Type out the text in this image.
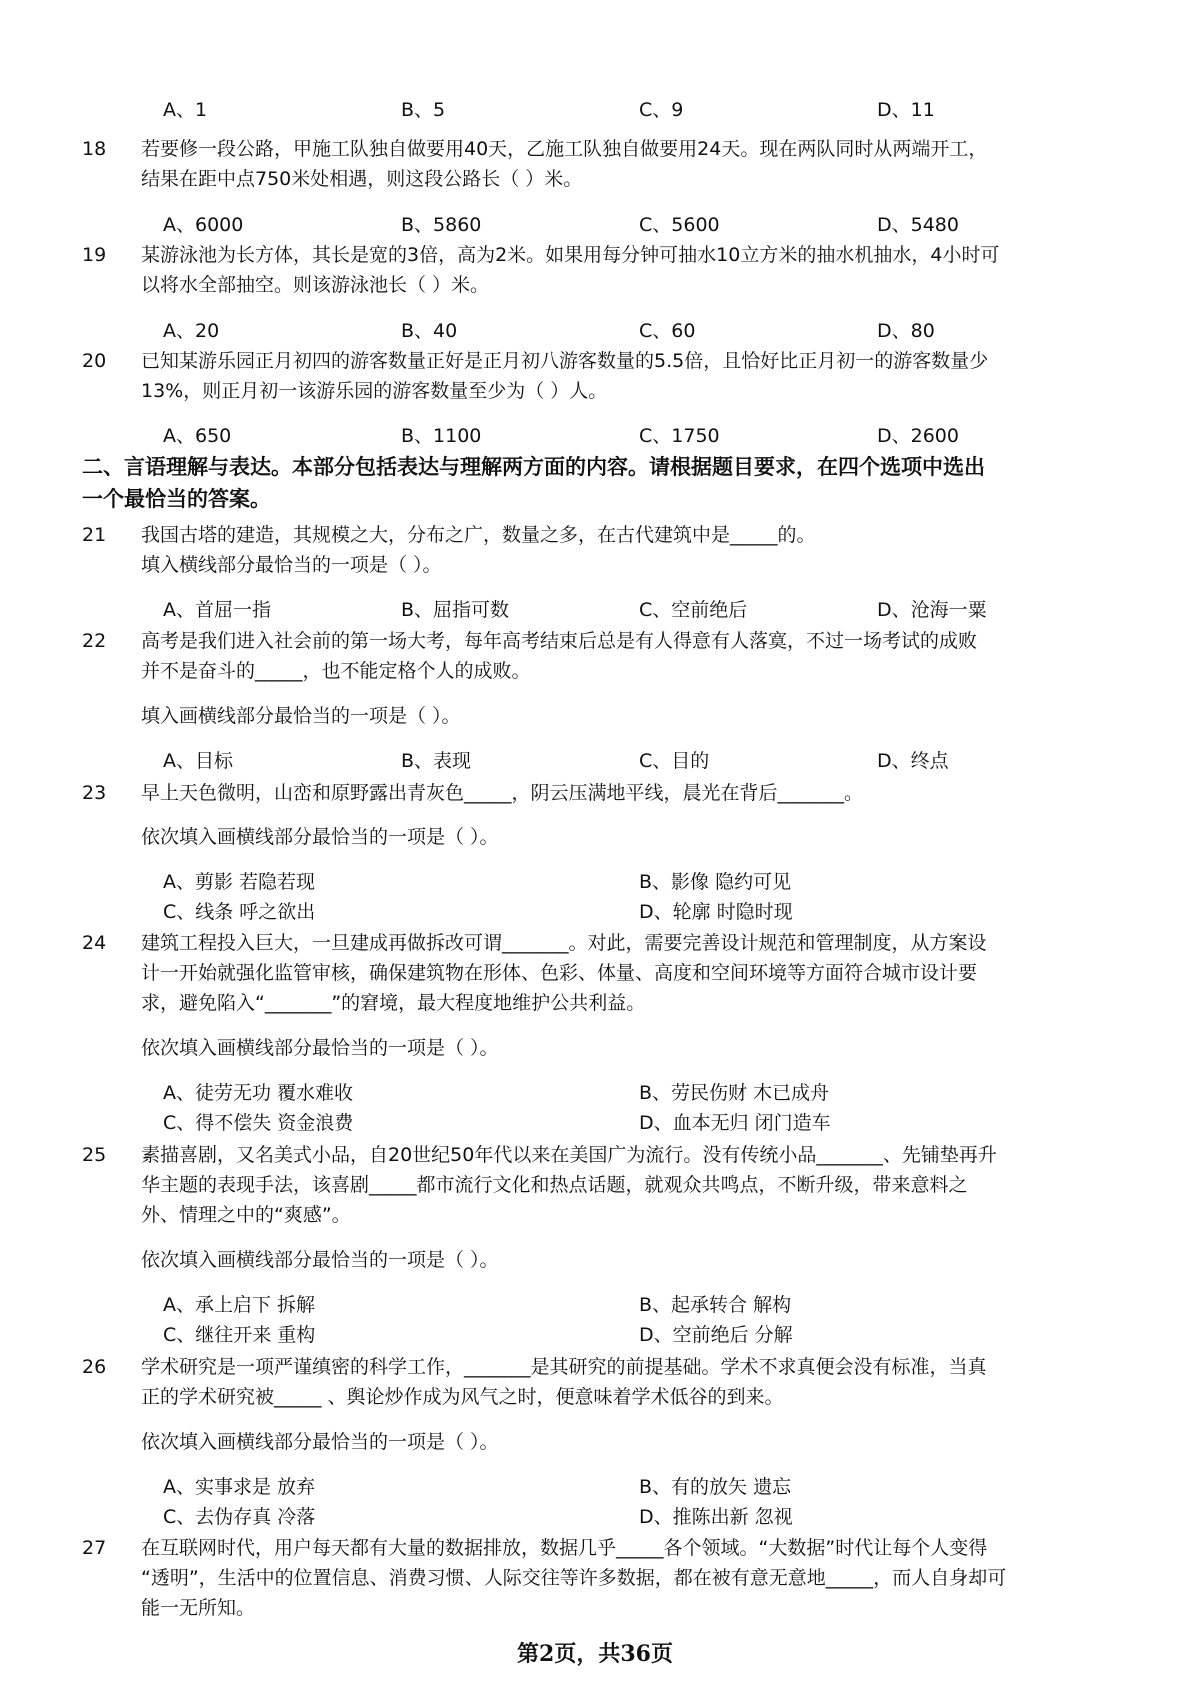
A、1	B、5	C、9	D、11
18 若要修一段公路，甲施工队独自做要用40天，乙施工队独自做要用24天。现在两队同时从两端开工，
结果在距中点750米处相遇，则这段公路长（ ）米。
A、6000	B、5860	C、5600	D、5480
19 某游泳池为长方体，其长是宽的3倍，高为2米。如果用每分钟可抽水10立方米的抽水机抽水，4小时可
以将水全部抽空。则该游泳池长（ ）米。
A、20	B、40	C、60	D、80
20 已知某游乐园正月初四的游客数量正好是正月初八游客数量的5.5倍，且恰好比正月初一的游客数量少
13%，则正月初一该游乐园的游客数量至少为（ ）人。
A、650	B、1100	C、1750	D、2600
二、言语理解与表达。本部分包括表达与理解两方面的内容。请根据题目要求，在四个选项中选出
一个最恰当的答案。
21 我国古塔的建造，其规模之大，分布之广，数量之多，在古代建筑中是_____的。
填入横线部分最恰当的一项是（ ）。
A、首屈一指	B、屈指可数	C、空前绝后	D、沧海一粟
22 高考是我们进入社会前的第一场大考，每年高考结束后总是有人得意有人落寞，不过一场考试的成败
并不是奋斗的_____，也不能定格个人的成败。
填入画横线部分最恰当的一项是（ ）。
A、目标	B、表现	C、目的	D、终点
23 早上天色微明，山峦和原野露出青灰色_____，阴云压满地平线，晨光在背后_______。
依次填入画横线部分最恰当的一项是（ ）。
A、剪影 若隐若现	B、影像 隐约可见
C、线条 呼之欲出	D、轮廓 时隐时现
24 建筑工程投入巨大，一旦建成再做拆改可谓_______。对此，需要完善设计规范和管理制度，从方案设
计一开始就强化监管审核，确保建筑物在形体、色彩、体量、高度和空间环境等方面符合城市设计要
求，避免陷入“_______”的窘境，最大程度地维护公共利益。
依次填入画横线部分最恰当的一项是（ ）。
A、徒劳无功 覆水难收	B、劳民伤财 木已成舟
C、得不偿失 资金浪费	D、血本无归 闭门造车
25 素描喜剧，又名美式小品，自20世纪50年代以来在美国广为流行。没有传统小品_______、先铺垫再升
华主题的表现手法，该喜剧_____都市流行文化和热点话题，就观众共鸣点，不断升级，带来意料之
外、情理之中的“爽感”。
依次填入画横线部分最恰当的一项是（ ）。
A、承上启下 拆解	B、起承转合 解构
C、继往开来 重构	D、空前绝后 分解
26 学术研究是一项严谨缜密的科学工作，_______是其研究的前提基础。学术不求真便会没有标准，当真
正的学术研究被_____ 、舆论炒作成为风气之时，便意味着学术低谷的到来。
依次填入画横线部分最恰当的一项是（ ）。
A、实事求是 放弃	B、有的放矢 遗忘
C、去伪存真 冷落	D、推陈出新 忽视
27 在互联网时代，用户每天都有大量的数据排放，数据几乎_____各个领域。“大数据”时代让每个人变得
“透明”，生活中的位置信息、消费习惯、人际交往等许多数据，都在被有意无意地_____，而人自身却可
能一无所知。
第2页，共36页
